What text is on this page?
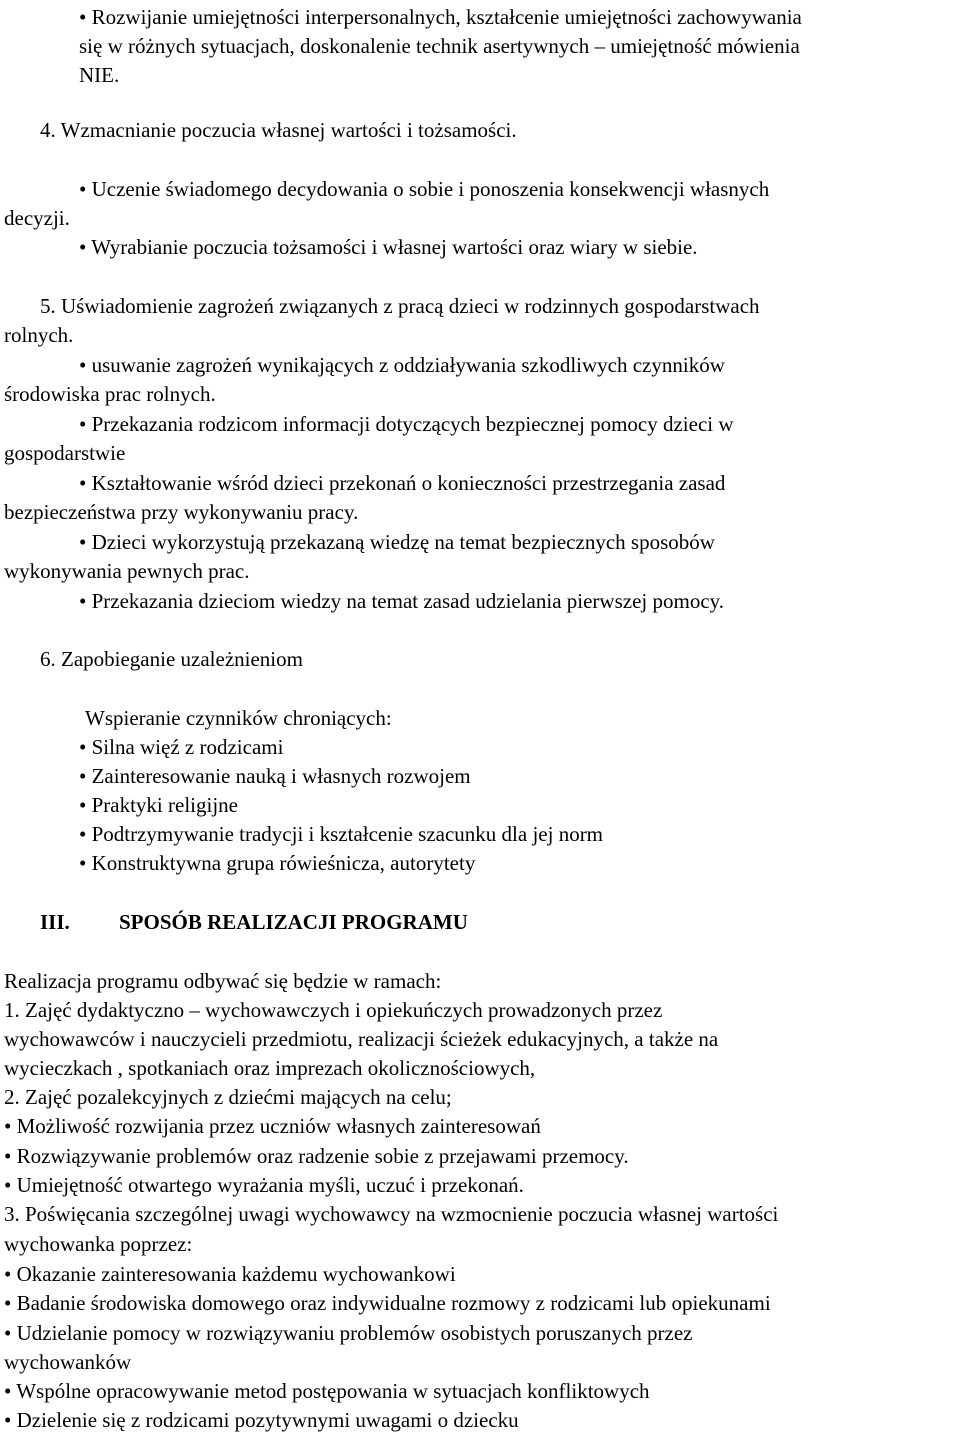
• Rozwijanie umiejętności interpersonalnych, kształcenie umiejętności zachowywania
się w różnych sytuacjach, doskonalenie technik asertywnych – umiejętność mówienia
NIE.
4. Wzmacnianie poczucia własnej wartości i tożsamości.
• Uczenie świadomego decydowania o sobie i ponoszenia konsekwencji własnych
decyzji.
• Wyrabianie poczucia tożsamości i własnej wartości oraz wiary w siebie.
5. Uświadomienie zagrożeń związanych z pracą dzieci w rodzinnych gospodarstwach
rolnych.
• usuwanie zagrożeń wynikających z oddziaływania szkodliwych czynników
środowiska prac rolnych.
• Przekazania rodzicom informacji dotyczących bezpiecznej pomocy dzieci w
gospodarstwie
• Kształtowanie wśród dzieci przekonań o konieczności przestrzegania zasad
bezpieczeństwa przy wykonywaniu pracy.
• Dzieci wykorzystują przekazaną wiedzę na temat bezpiecznych sposobów
wykonywania pewnych prac.
• Przekazania dzieciom wiedzy na temat zasad udzielania pierwszej pomocy.
6. Zapobieganie uzależnieniom
Wspieranie czynników chroniących:
• Silna więź z rodzicami
• Zainteresowanie nauką i własnych rozwojem
• Praktyki religijne
• Podtrzymywanie tradycji i kształcenie szacunku dla jej norm
• Konstruktywna grupa rówieśnicza, autorytety
III. SPOSÓB REALIZACJI PROGRAMU
Realizacja programu odbywać się będzie w ramach:
1. Zajęć dydaktyczno – wychowawczych i opiekuńczych prowadzonych przez
wychowawców i nauczycieli przedmiotu, realizacji ścieżek edukacyjnych, a także na
wycieczkach , spotkaniach oraz imprezach okolicznościowych,
2. Zajęć pozalekcyjnych z dziećmi mających na celu;
• Możliwość rozwijania przez uczniów własnych zainteresowań
• Rozwiązywanie problemów oraz radzenie sobie z przejawami przemocy.
• Umiejętność otwartego wyrażania myśli, uczuć i przekonań.
3. Poświęcania szczególnej uwagi wychowawcy na wzmocnienie poczucia własnej wartości
wychowanka poprzez:
• Okazanie zainteresowania każdemu wychowankowi
• Badanie środowiska domowego oraz indywidualne rozmowy z rodzicami lub opiekunami
• Udzielanie pomocy w rozwiązywaniu problemów osobistych poruszanych przez
wychowanków
• Wspólne opracowywanie metod postępowania w sytuacjach konfliktowych
• Dzielenie się z rodzicami pozytywnymi uwagami o dziecku
